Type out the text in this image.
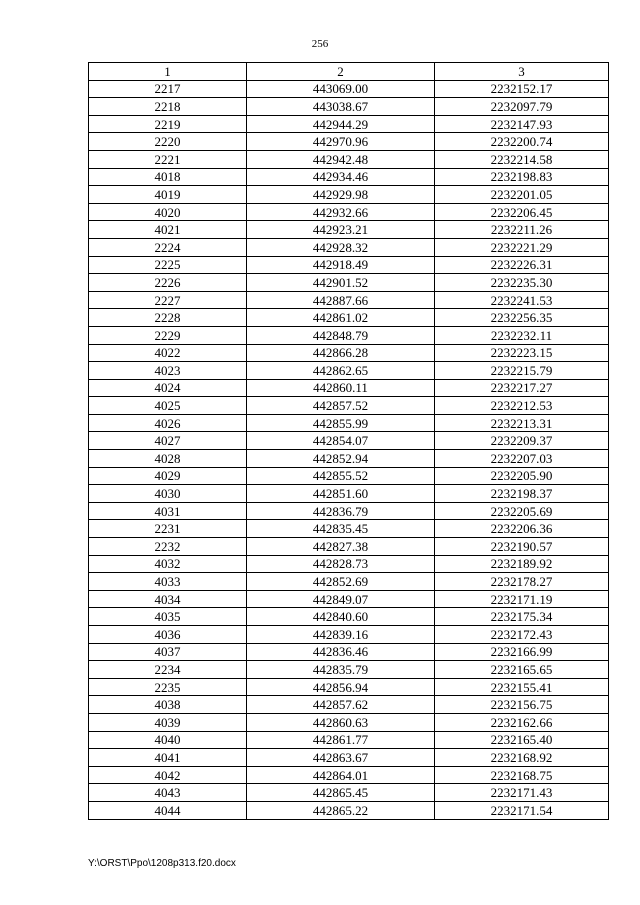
256
1	2	3
2217	443069.00	2232152.17
2218	443038.67	2232097.79
2219	442944.29	2232147.93
2220	442970.96	2232200.74
2221	442942.48	2232214.58
4018	442934.46	2232198.83
4019	442929.98	2232201.05
4020	442932.66	2232206.45
4021	442923.21	2232211.26
2224	442928.32	2232221.29
2225	442918.49	2232226.31
2226	442901.52	2232235.30
2227	442887.66	2232241.53
2228	442861.02	2232256.35
2229	442848.79	2232232.11
4022	442866.28	2232223.15
4023	442862.65	2232215.79
4024	442860.11	2232217.27
4025	442857.52	2232212.53
4026	442855.99	2232213.31
4027	442854.07	2232209.37
4028	442852.94	2232207.03
4029	442855.52	2232205.90
4030	442851.60	2232198.37
4031	442836.79	2232205.69
2231	442835.45	2232206.36
2232	442827.38	2232190.57
4032	442828.73	2232189.92
4033	442852.69	2232178.27
4034	442849.07	2232171.19
4035	442840.60	2232175.34
4036	442839.16	2232172.43
4037	442836.46	2232166.99
2234	442835.79	2232165.65
2235	442856.94	2232155.41
4038	442857.62	2232156.75
4039	442860.63	2232162.66
4040	442861.77	2232165.40
4041	442863.67	2232168.92
4042	442864.01	2232168.75
4043	442865.45	2232171.43
4044	442865.22	2232171.54
Y:\ORST\Ppo\1208p313.f20.docx
